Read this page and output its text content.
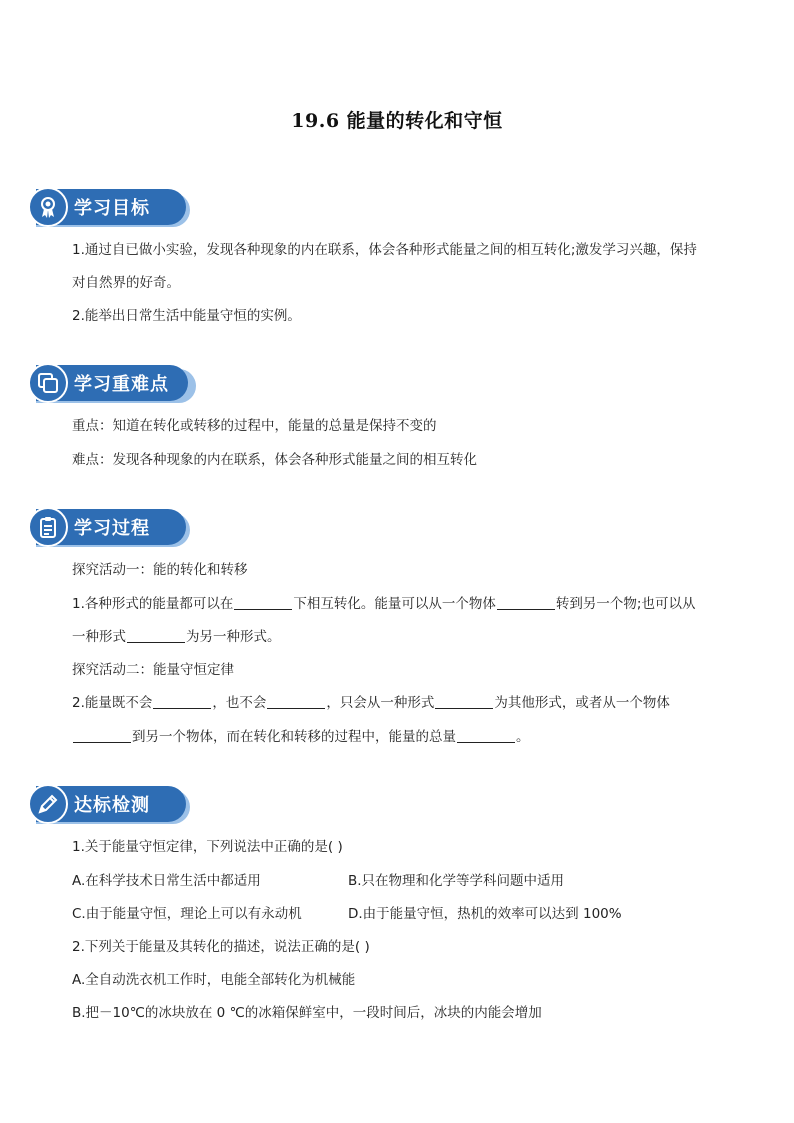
19.6 能量的转化和守恒
学习目标
1.通过自已做小实验，发现各种现象的内在联系，体会各种形式能量之间的相互转化;激发学习兴趣，保持
对自然界的好奇。
2.能举出日常生活中能量守恒的实例。
学习重难点
重点：知道在转化或转移的过程中，能量的总量是保持不变的
难点：发现各种现象的内在联系，体会各种形式能量之间的相互转化
学习过程
探究活动一：能的转化和转移
1.各种形式的能量都可以在	下相互转化。能量可以从一个物体	转到另一个物;也可以从
一种形式	为另一种形式。
探究活动二：能量守恒定律
2.能量既不会	，也不会	，只会从一种形式	为其他形式，或者从一个物体
到另一个物体，而在转化和转移的过程中，能量的总量	。
达标检测
1.关于能量守恒定律，下列说法中正确的是( )
A.在科学技术日常生活中都适用	B.只在物理和化学等学科问题中适用
C.由于能量守恒，理论上可以有永动机	D.由于能量守恒，热机的效率可以达到 100%
2.下列关于能量及其转化的描述，说法正确的是( )
A.全自动洗衣机工作时，电能全部转化为机械能
B.把－10℃的冰块放在 0 ℃的冰箱保鲜室中，一段时间后，冰块的内能会增加
